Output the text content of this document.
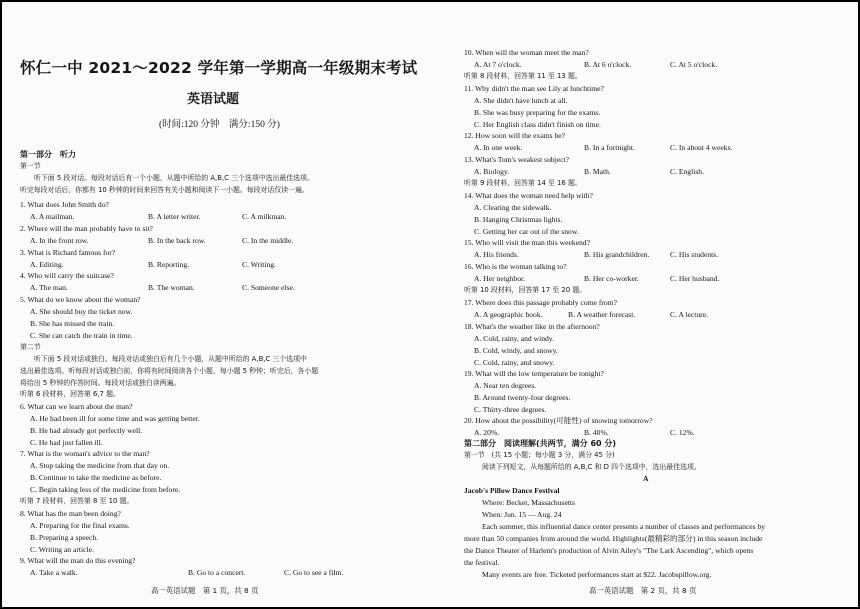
怀仁一中 2021～2022 学年第一学期高一年级期末考试
英语试题
(时间:120 分钟　满分:150 分)
第一部分　听力
第一节
听下面 5 段对话。每段对话后有一个小题，从题中所给的 A,B,C 三个选项中选出最佳选项。
听完每段对话后，你都有 10 秒钟的时间来回答有关小题和阅读下一小题。每段对话仅读一遍。
1. What does John Smith do?
A. A mailman.	B. A letter writer.	C. A milkman.
2. Where will the man probably have to sit?
A. In the front row.	B. In the back row.	C. In the middle.
3. What is Richard famous for?
A. Editing.	B. Reporting.	C. Writing.
4. Who will carry the suitcase?
A. The man.	B. The woman.	C. Someone else.
5. What do we know about the woman?
A. She should buy the ticket now.
B. She has missed the train.
C. She can catch the train in time.
第二节
听下面 5 段对话或独白。每段对话或独白后有几个小题，从题中所给的 A,B,C 三个选项中
选出最佳选项。听每段对话或独白前，你将有时间阅读各个小题，每小题 5 秒钟；听完后，各小题
将给出 5 秒钟的作答时间。每段对话或独白读两遍。
听第 6 段材料，回答第 6,7 题。
6. What can we learn about the man?
A. He had been ill for some time and was getting better.
B. He had already got perfectly well.
C. He had just fallen ill.
7. What is the woman's advice to the man?
A. Stop taking the medicine from that day on.
B. Continue to take the medicine as before.
C. Begin taking less of the medicine from before.
听第 7 段材料，回答第 8 至 10 题。
8. What has the man been doing?
A. Preparing for the final exams.
B. Preparing a speech.
C. Writing an article.
9. What will the man do this evening?
A. Take a walk.	B. Go to a concert.	C. Go to see a film.
高一英语试题　第 1 页，共 8 页
10. When will the woman meet the man?
A. At 7 o'clock.	B. At 6 o'clock.	C. At 5 o'clock.
听第 8 段材料，回答第 11 至 13 题。
11. Why didn't the man see Lily at lunchtime?
A. She didn't have lunch at all.
B. She was busy preparing for the exams.
C. Her English class didn't finish on time.
12. How soon will the exams be?
A. In one week.	B. In a fortnight.	C. In about 4 weeks.
13. What's Tom's weakest subject?
A. Biology.	B. Math.	C. English.
听第 9 段材料，回答第 14 至 16 题。
14. What does the woman need help with?
A. Clearing the sidewalk.
B. Hanging Christmas lights.
C. Getting her car out of the snow.
15. Who will visit the man this weekend?
A. His friends.	B. His grandchildren.	C. His students.
16. Who is the woman talking to?
A. Her neighbor.	B. Her co-worker.	C. Her husband.
听第 10 段材料，回答第 17 至 20 题。
17. Where does this passage probably come from?
A. A geographic book.	B. A weather forecast.	C. A lecture.
18. What's the weather like in the afternoon?
A. Cold, rainy, and windy.
B. Cold, windy, and snowy.
C. Cold, rainy, and snowy.
19. What will the low temperature be tonight?
A. Near ten degrees.
B. Around twenty-four degrees.
C. Thirty-three degrees.
20. How about the possibility(可能性) of snowing tomorrow?
A. 20%.	B. 40%.	C. 12%.
第二部分　阅读理解(共两节，满分 60 分)
第一节　(共 15 小题；每小题 3 分，满分 45 分)
阅读下列短文，从每题所给的 A,B,C 和 D 四个选项中，选出最佳选项。
A
Jacob's Pillow Dance Festival
Where: Becket, Massachusetts
When: Jun. 15 — Aug. 24
Each summer, this influential dance center presents a number of classes and performances by
more than 50 companies from around the world. Highlights(最精彩的部分) in this season include
the Dance Theater of Harlem's production of Alvin Ailey's "The Lark Ascending", which opens
the festival.
Many events are free. Ticketed performances start at $22. Jacobspillow.org.
高一英语试题　第 2 页，共 8 页
